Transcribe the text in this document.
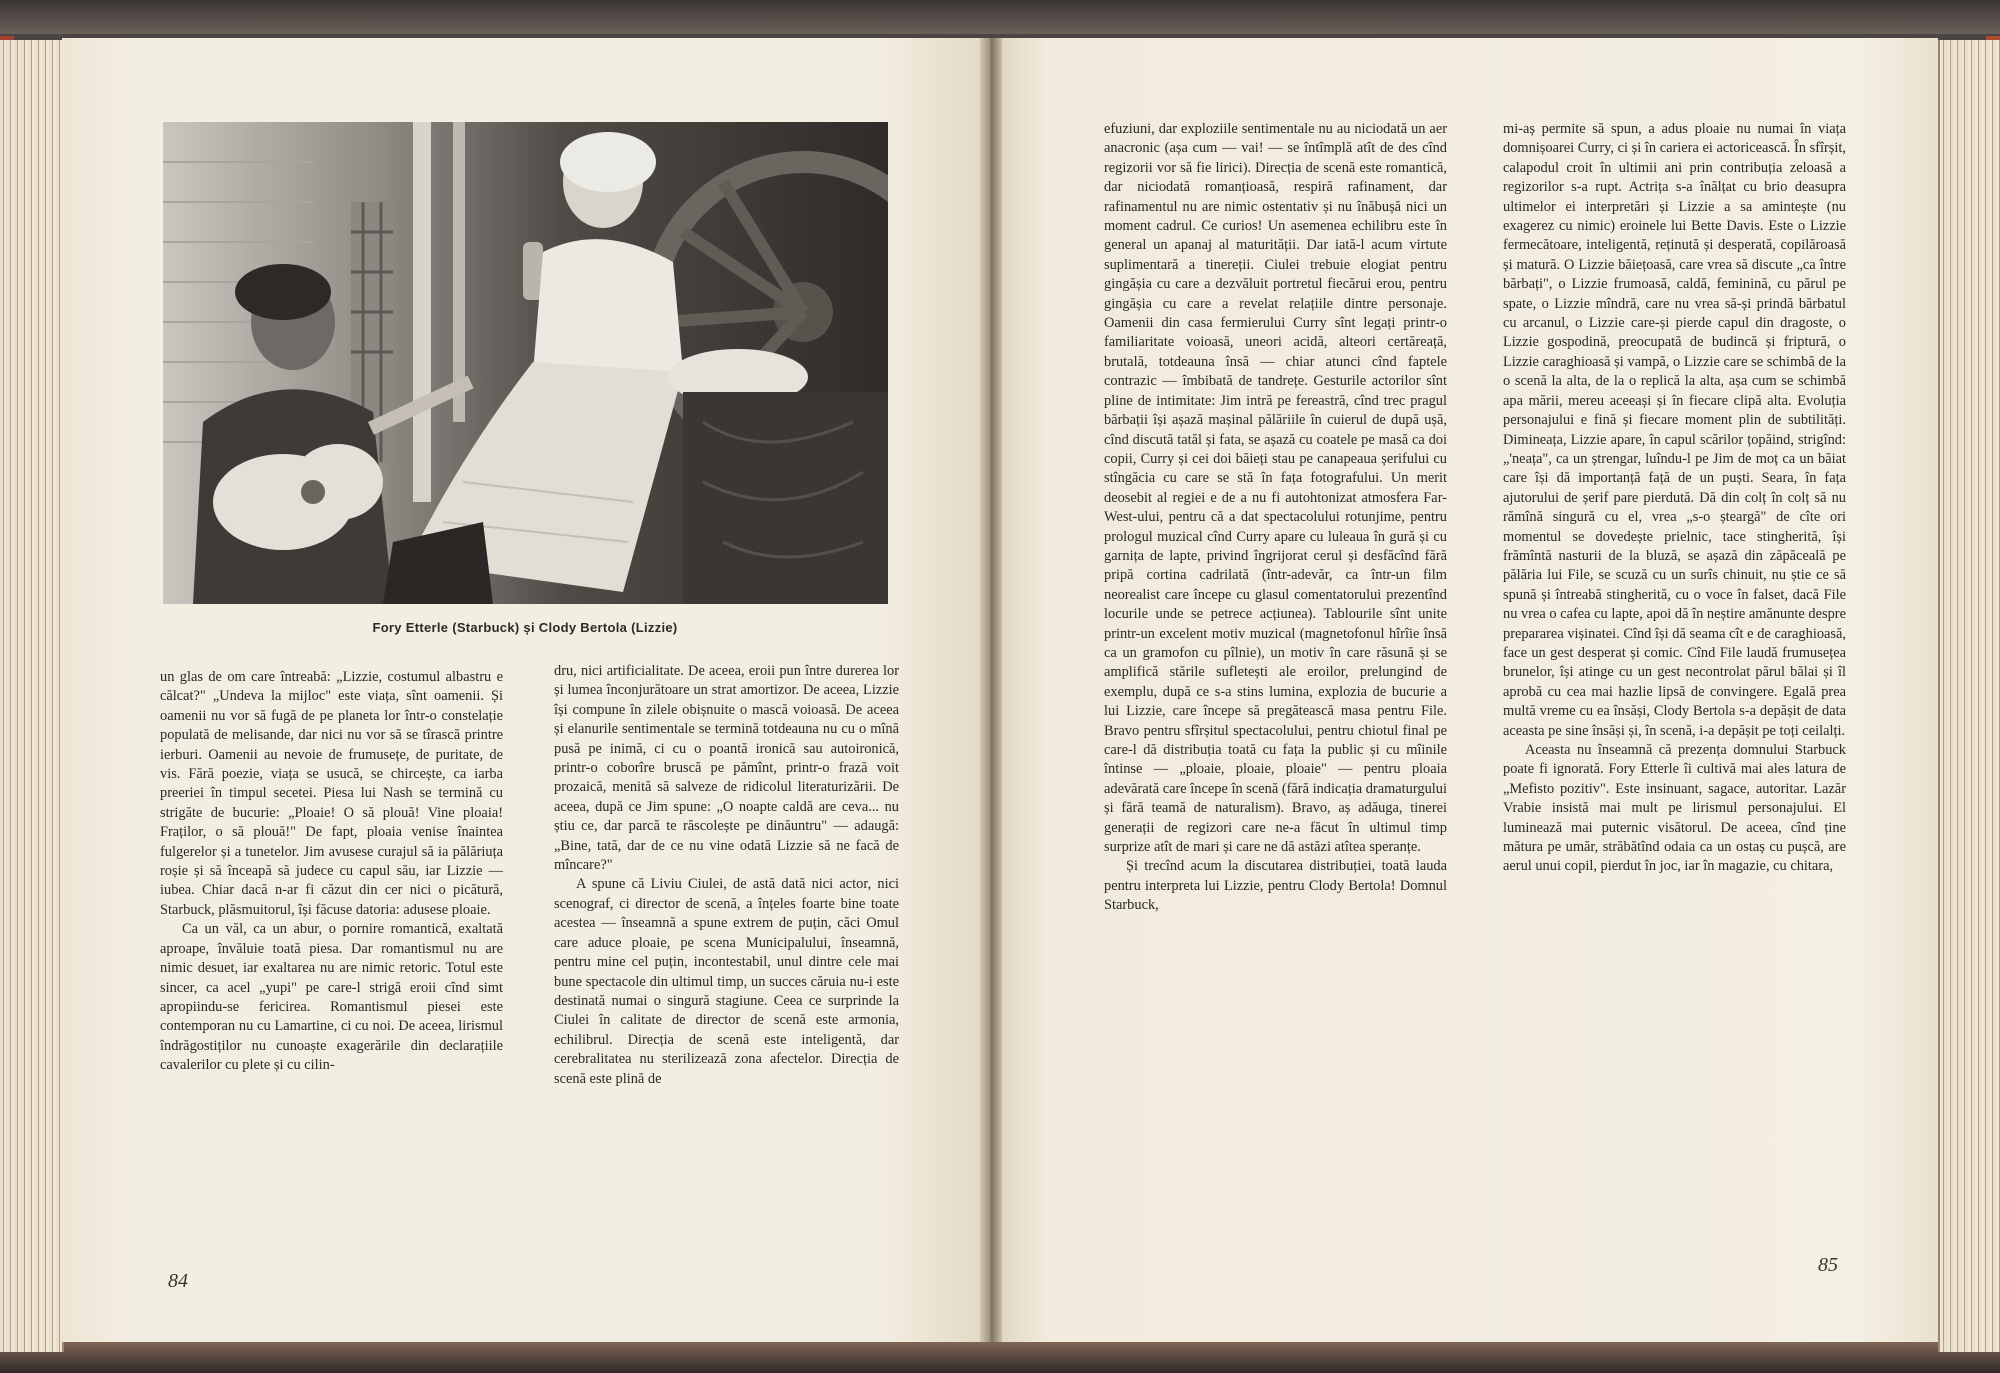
Fory Etterle (Starbuck) și Clody Bertola (Lizzie)

un glas de om care întreabă: „Lizzie, costumul albastru e călcat?" „Undeva la mijloc" este viața, sînt oamenii. Și oamenii nu vor să fugă de pe planeta lor într-o constelație populată de melisande, dar nici nu vor să se tîrască printre ierburi. Oamenii au nevoie de frumusețe, de puritate, de vis. Fără poezie, viața se usucă, se chircește, ca iarba preeriei în timpul secetei. Piesa lui Nash se termină cu strigăte de bucurie: „Ploaie! O să plouă! Vine ploaia! Fraților, o să plouă!" De fapt, ploaia venise înaintea fulgerelor și a tunetelor. Jim avusese curajul să ia pălăriuța roșie și să înceapă să judece cu capul său, iar Lizzie — iubea. Chiar dacă n-ar fi căzut din cer nici o picătură, Starbuck, plăsmuitorul, își făcuse datoria: adusese ploaie.

Ca un văl, ca un abur, o pornire romantică, exaltată aproape, învăluie toată piesa. Dar romantismul nu are nimic desuet, iar exaltarea nu are nimic retoric. Totul este sincer, ca acel „yupi" pe care-l strigă eroii cînd simt apropiindu-se fericirea. Romantismul piesei este contemporan nu cu Lamartine, ci cu noi. De aceea, lirismul îndrăgostiților nu cunoaște exagerările din declarațiile cavalerilor cu plete și cu cilin-

dru, nici artificialitate. De aceea, eroii pun între durerea lor și lumea înconjurătoare un strat amortizor. De aceea, Lizzie își compune în zilele obișnuite o mască voioasă. De aceea și elanurile sentimentale se termină totdeauna nu cu o mînă pusă pe inimă, ci cu o poantă ironică sau autoironică, printr-o coborîre bruscă pe pămînt, printr-o frază voit prozaică, menită să salveze de ridicolul literaturizării. De aceea, după ce Jim spune: „O noapte caldă are ceva... nu știu ce, dar parcă te răscolește pe dinăuntru" — adaugă: „Bine, tată, dar de ce nu vine odată Lizzie să ne facă de mîncare?"

A spune că Liviu Ciulei, de astă dată nici actor, nici scenograf, ci director de scenă, a înțeles foarte bine toate acestea — înseamnă a spune extrem de puțin, căci Omul care aduce ploaie, pe scena Municipalului, înseamnă, pentru mine cel puțin, incontestabil, unul dintre cele mai bune spectacole din ultimul timp, un succes căruia nu-i este destinată numai o singură stagiune. Ceea ce surprinde la Ciulei în calitate de director de scenă este armonia, echilibrul. Direcția de scenă este inteligentă, dar cerebralitatea nu sterilizează zona afectelor. Direcția de scenă este plină de

efuziuni, dar exploziile sentimentale nu au niciodată un aer anacronic (așa cum — vai! — se întîmplă atît de des cînd regizorii vor să fie lirici). Direcția de scenă este romantică, dar niciodată romanțioasă, respiră rafinament, dar rafinamentul nu are nimic ostentativ și nu înăbușă nici un moment cadrul. Ce curios! Un asemenea echilibru este în general un apanaj al maturității. Dar iată-l acum virtute suplimentară a tinereții. Ciulei trebuie elogiat pentru gingășia cu care a dezvăluit portretul fiecărui erou, pentru gingășia cu care a revelat relațiile dintre personaje. Oamenii din casa fermierului Curry sînt legați printr-o familiaritate voioasă, uneori acidă, alteori certăreață, brutală, totdeauna însă — chiar atunci cînd faptele contrazic — îmbibată de tandrețe. Gesturile actorilor sînt pline de intimitate: Jim intră pe fereastră, cînd trec pragul bărbații își așază mașinal pălăriile în cuierul de după ușă, cînd discută tatăl și fata, se așază cu coatele pe masă ca doi copii, Curry și cei doi băieți stau pe canapeaua șerifului cu stîngăcia cu care se stă în fața fotografului. Un merit deosebit al regiei e de a nu fi autohtonizat atmosfera Far-West-ului, pentru că a dat spectacolului rotunjime, pentru prologul muzical cînd Curry apare cu luleaua în gură și cu garnița de lapte, privind îngrijorat cerul și desfăcînd fără pripă cortina cadrilată (într-adevăr, ca într-un film neorealist care începe cu glasul comentatorului prezentînd locurile unde se petrece acțiunea). Tablourile sînt unite printr-un excelent motiv muzical (magnetofonul hîrîie însă ca un gramofon cu pîlnie), un motiv în care răsună și se amplifică stările sufletești ale eroilor, prelungind de exemplu, după ce s-a stins lumina, explozia de bucurie a lui Lizzie, care începe să pregătească masa pentru File. Bravo pentru sfîrșitul spectacolului, pentru chiotul final pe care-l dă distribuția toată cu fața la public și cu mîinile întinse — „ploaie, ploaie, ploaie" — pentru ploaia adevărată care începe în scenă (fără indicația dramaturgului și fără teamă de naturalism). Bravo, aș adăuga, tinerei generații de regizori care ne-a făcut în ultimul timp surprize atît de mari și care ne dă astăzi atîtea speranțe.

Și trecînd acum la discutarea distribuției, toată lauda pentru interpreta lui Lizzie, pentru Clody Bertola! Domnul Starbuck,

mi-aș permite să spun, a adus ploaie nu numai în viața domnișoarei Curry, ci și în cariera ei actoricească. În sfîrșit, calapodul croit în ultimii ani prin contribuția zeloasă a regizorilor s-a rupt. Actrița s-a înălțat cu brio deasupra ultimelor ei interpretări și Lizzie a sa amintește (nu exagerez cu nimic) eroinele lui Bette Davis. Este o Lizzie fermecătoare, inteligentă, reținută și desperată, copilăroasă și matură. O Lizzie băiețoasă, care vrea să discute „ca între bărbați", o Lizzie frumoasă, caldă, feminină, cu părul pe spate, o Lizzie mîndră, care nu vrea să-și prindă bărbatul cu arcanul, o Lizzie care-și pierde capul din dragoste, o Lizzie gospodină, preocupată de budincă și friptură, o Lizzie caraghioasă și vampă, o Lizzie care se schimbă de la o scenă la alta, de la o replică la alta, așa cum se schimbă apa mării, mereu aceeași și în fiecare clipă alta. Evoluția personajului e fină și fiecare moment plin de subtilități. Dimineața, Lizzie apare, în capul scărilor țopăind, strigînd: „'neața", ca un ștrengar, luîndu-l pe Jim de moț ca un băiat care își dă importanță față de un puști. Seara, în fața ajutorului de șerif pare pierdută. Dă din colț în colț să nu rămînă singură cu el, vrea „s-o șteargă" de cîte ori momentul se dovedește prielnic, tace stingherită, își frămîntă nasturii de la bluză, se așază din zăpăceală pe pălăria lui File, se scuză cu un surîs chinuit, nu știe ce să spună și întreabă stingherită, cu o voce în falset, dacă File nu vrea o cafea cu lapte, apoi dă în neștire amănunte despre prepararea vișinatei. Cînd își dă seama cît e de caraghioasă, face un gest desperat și comic. Cînd File laudă frumusețea brunelor, își atinge cu un gest necontrolat părul bălai și îl aprobă cu cea mai hazlie lipsă de convingere. Egală prea multă vreme cu ea însăși, Clody Bertola s-a depășit de data aceasta pe sine însăși și, în scenă, i-a depășit pe toți ceilalți.

Aceasta nu înseamnă că prezența domnului Starbuck poate fi ignorată. Fory Etterle îi cultivă mai ales latura de „Mefisto pozitiv". Este insinuant, sagace, autoritar. Lazăr Vrabie insistă mai mult pe lirismul personajului. El luminează mai puternic visătorul. De aceea, cînd ține mătura pe umăr, străbătînd odaia ca un ostaș cu pușcă, are aerul unui copil, pierdut în joc, iar în magazie, cu chitara,

84
85
